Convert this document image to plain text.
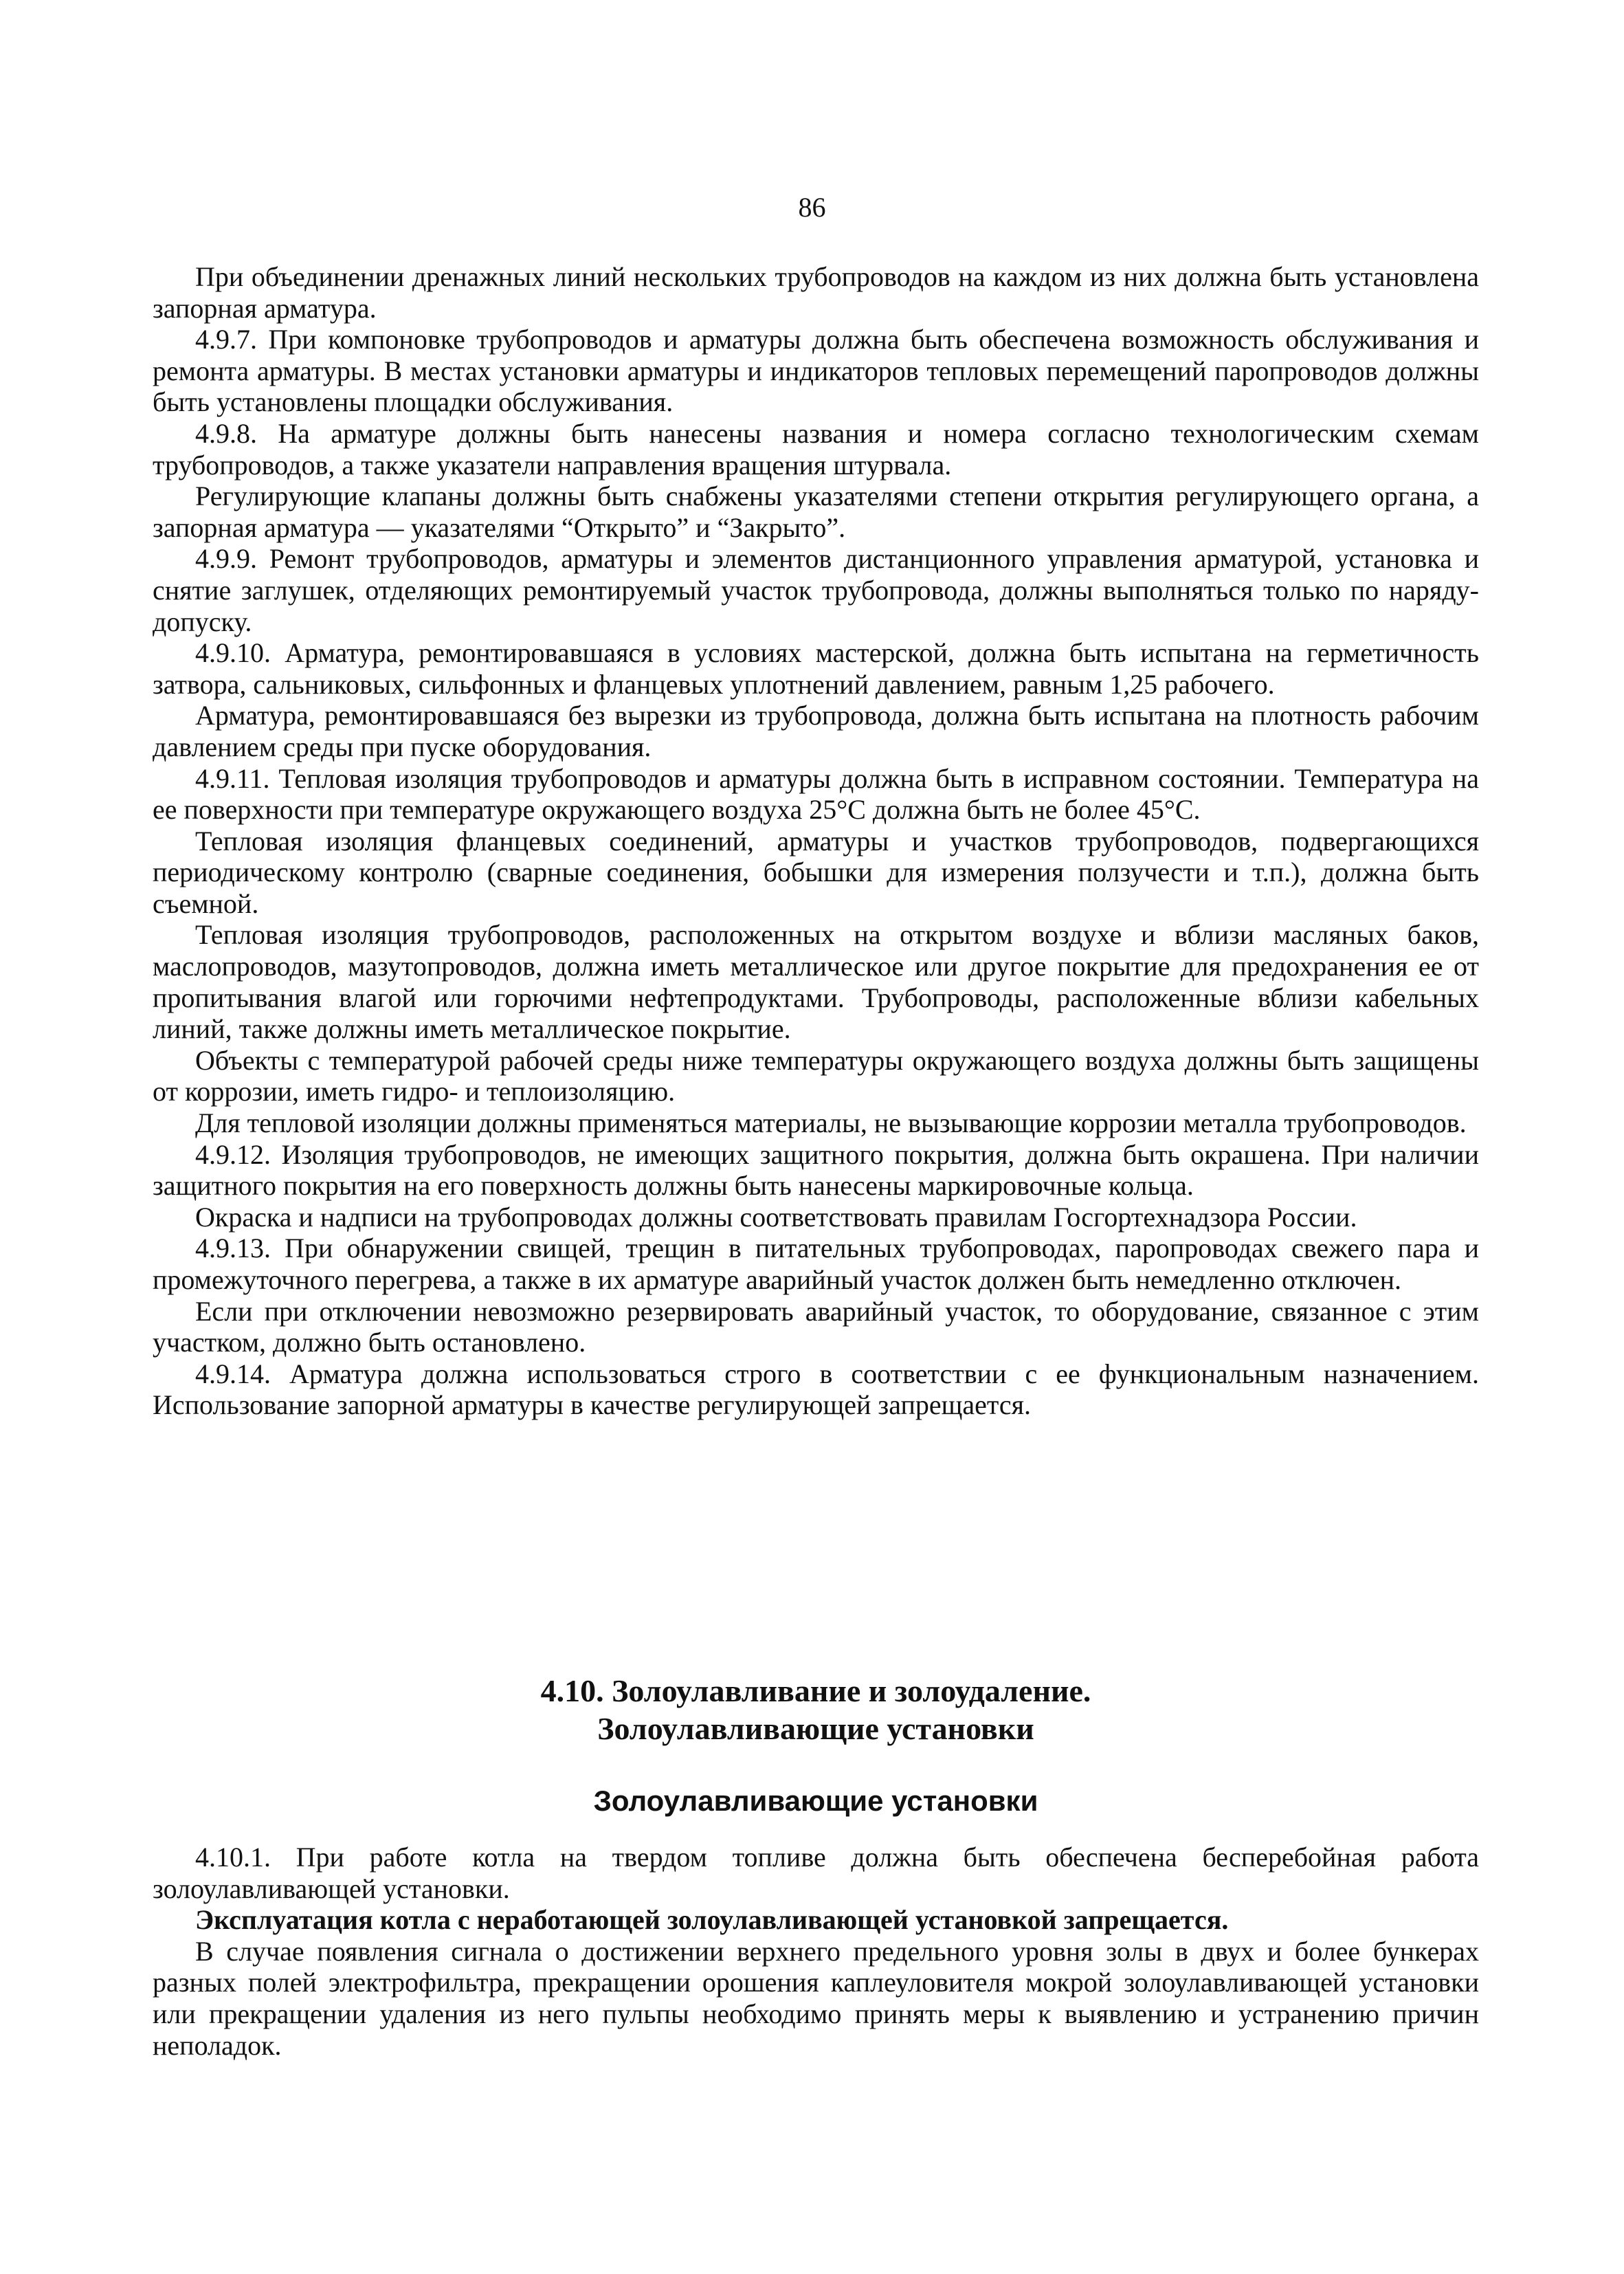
86

При объединении дренажных линий нескольких трубопроводов на каждом из них должна быть установлена запорная арматура.

4.9.7. При компоновке трубопроводов и арматуры должна быть обеспечена возможность обслуживания и ремонта арматуры. В местах установки арматуры и индикаторов тепловых перемещений паропроводов должны быть установлены площадки обслуживания.

4.9.8. На арматуре должны быть нанесены названия и номера согласно технологическим схемам трубопроводов, а также указатели направления вращения штурвала.

Регулирующие клапаны должны быть снабжены указателями степени открытия регулирующего органа, а запорная арматура — указателями “Открыто” и “Закрыто”.

4.9.9. Ремонт трубопроводов, арматуры и элементов дистанционного управления арматурой, установка и снятие заглушек, отделяющих ремонтируемый участок трубопровода, должны выполняться только по наряду-допуску.

4.9.10. Арматура, ремонтировавшаяся в условиях мастерской, должна быть испытана на герметичность затвора, сальниковых, сильфонных и фланцевых уплотнений давлением, равным 1,25 рабочего.

Арматура, ремонтировавшаяся без вырезки из трубопровода, должна быть испытана на плотность рабочим давлением среды при пуске оборудования.

4.9.11. Тепловая изоляция трубопроводов и арматуры должна быть в исправном состоянии. Температура на ее поверхности при температуре окружающего воздуха 25°С должна быть не более 45°С.

Тепловая изоляция фланцевых соединений, арматуры и участков трубопроводов, подвергающихся периодическому контролю (сварные соединения, бобышки для измерения ползучести и т.п.), должна быть съемной.

Тепловая изоляция трубопроводов, расположенных на открытом воздухе и вблизи масляных баков, маслопроводов, мазутопроводов, должна иметь металлическое или другое покрытие для предохранения ее от пропитывания влагой или горючими нефтепродуктами. Трубопроводы, расположенные вблизи кабельных линий, также должны иметь металлическое покрытие.

Объекты с температурой рабочей среды ниже температуры окружающего воздуха должны быть защищены от коррозии, иметь гидро- и теплоизоляцию.

Для тепловой изоляции должны применяться материалы, не вызывающие коррозии металла трубопроводов.

4.9.12. Изоляция трубопроводов, не имеющих защитного покрытия, должна быть окрашена. При наличии защитного покрытия на его поверхность должны быть нанесены маркировочные кольца.

Окраска и надписи на трубопроводах должны соответствовать правилам Госгортехнадзора России.

4.9.13. При обнаружении свищей, трещин в питательных трубопроводах, паропроводах свежего пара и промежуточного перегрева, а также в их арматуре аварийный участок должен быть немедленно отключен.

Если при отключении невозможно резервировать аварийный участок, то оборудование, связанное с этим участком, должно быть остановлено.

4.9.14. Арматура должна использоваться строго в соответствии с ее функциональным назначением. Использование запорной арматуры в качестве регулирующей запрещается.

4.10. Золоулавливание и золоудаление.
Золоулавливающие установки
Золоулавливающие установки

4.10.1. При работе котла на твердом топливе должна быть обеспечена бесперебойная работа золоулавливающей установки.

Эксплуатация котла с неработающей золоулавливающей установкой запрещается.

В случае появления сигнала о достижении верхнего предельного уровня золы в двух и более бункерах разных полей электрофильтра, прекращении орошения каплеуловителя мокрой золоулавливающей установки или прекращении удаления из него пульпы необходимо принять меры к выявлению и устранению причин неполадок.
